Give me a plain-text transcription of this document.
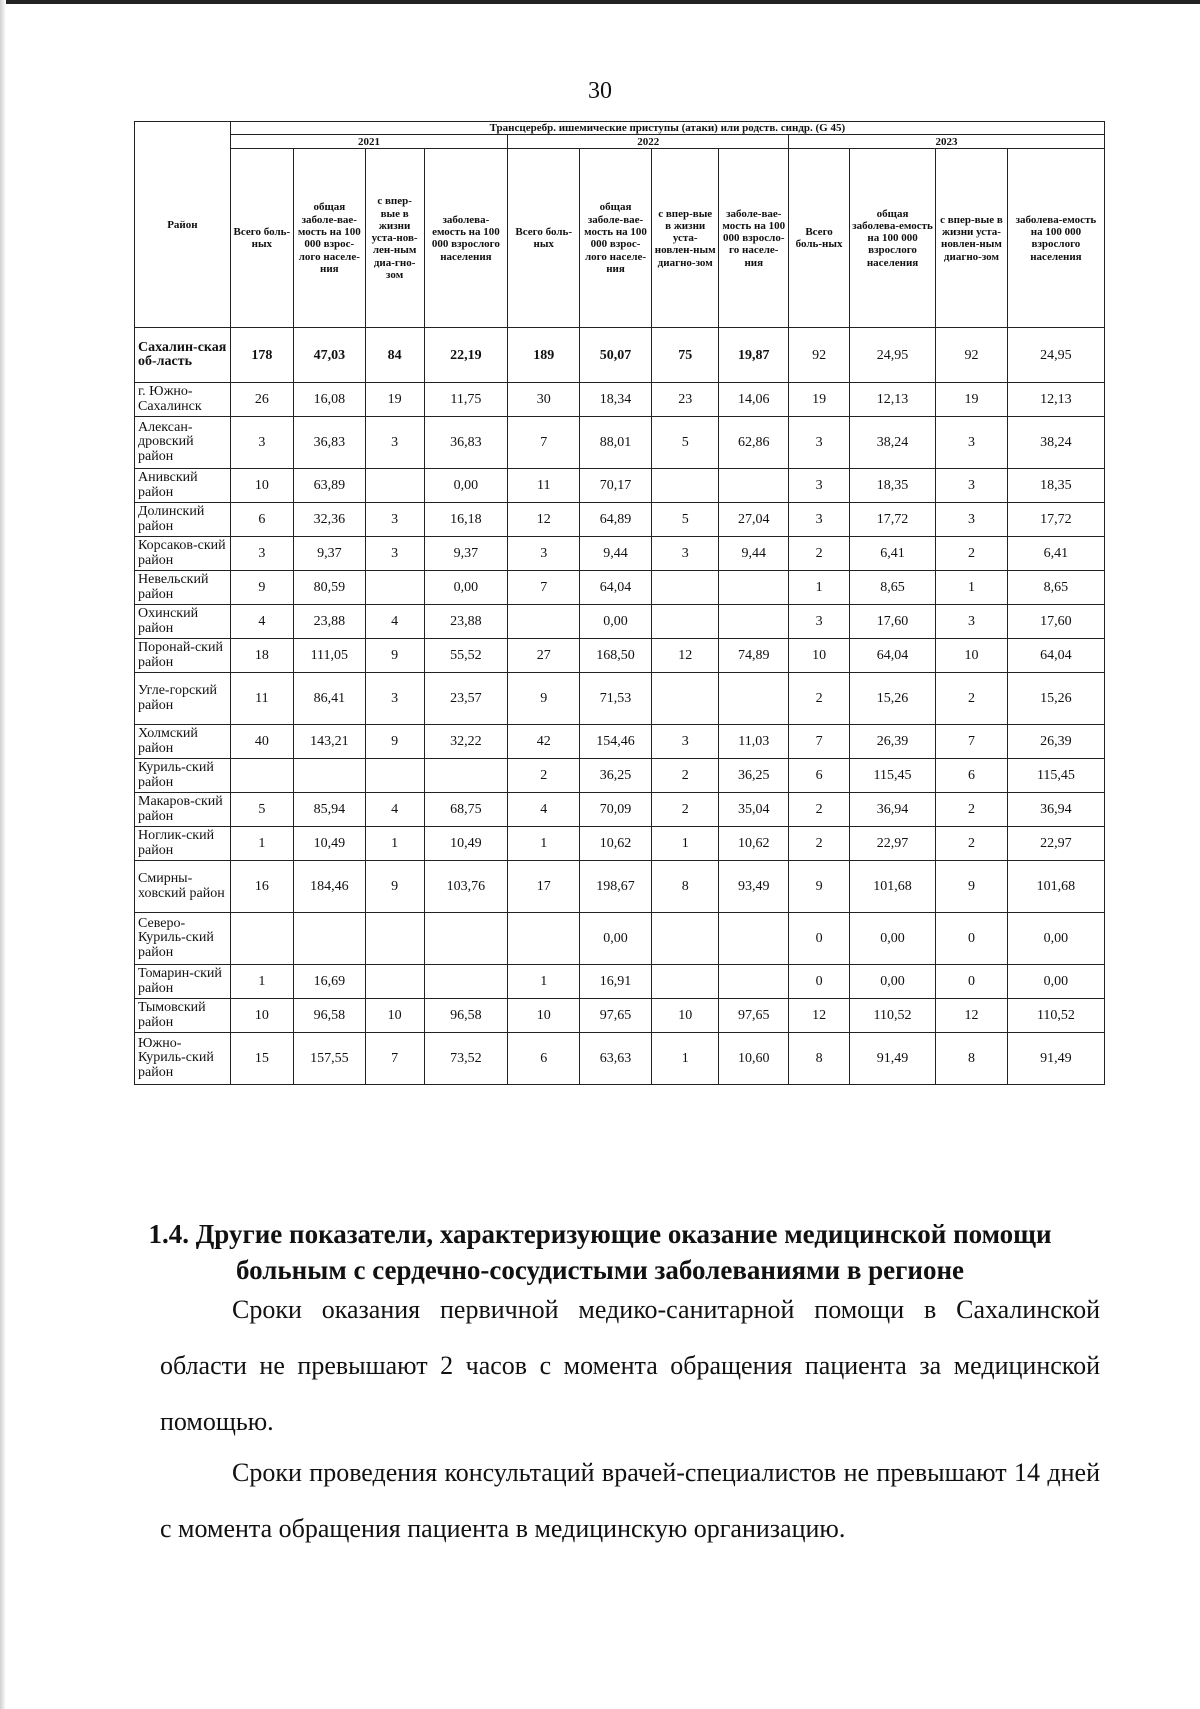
30
Район	Трансцеребр. ишемические приступы (атаки) или родств. синдр. (G 45)											
	2021				2022				2023			
	Всего боль-ных	общая заболе-вае-мость на 100 000 взрос-лого населе-ния	с впер-вые в жизни уста-нов-лен-ным диа-гно-зом	заболева-емость на 100 000 взрослого населения	Всего боль-ных	общая заболе-вае-мость на 100 000 взрос-лого населе-ния	с впер-вые в жизни уста-новлен-ным диагно-зом	заболе-вае-мость на 100 000 взросло-го населе-ния	Всего боль-ных	общая заболева-емость на 100 000 взрослого населения	с впер-вые в жизни уста-новлен-ным диагно-зом	заболева-емость на 100 000 взрослого населения
Сахалин-ская об-ласть	178	47,03	84	22,19	189	50,07	75	19,87	92	24,95	92	24,95
г. Южно-Сахалинск	26	16,08	19	11,75	30	18,34	23	14,06	19	12,13	19	12,13
Алексан-дровский район	3	36,83	3	36,83	7	88,01	5	62,86	3	38,24	3	38,24
Анивский район	10	63,89		0,00	11	70,17			3	18,35	3	18,35
Долинский район	6	32,36	3	16,18	12	64,89	5	27,04	3	17,72	3	17,72
Корсаков-ский район	3	9,37	3	9,37	3	9,44	3	9,44	2	6,41	2	6,41
Невельский район	9	80,59		0,00	7	64,04			1	8,65	1	8,65
Охинский район	4	23,88	4	23,88		0,00			3	17,60	3	17,60
Поронай-ский район	18	111,05	9	55,52	27	168,50	12	74,89	10	64,04	10	64,04
Угле-горский район	11	86,41	3	23,57	9	71,53			2	15,26	2	15,26
Холмский район	40	143,21	9	32,22	42	154,46	3	11,03	7	26,39	7	26,39
Куриль-ский район					2	36,25	2	36,25	6	115,45	6	115,45
Макаров-ский район	5	85,94	4	68,75	4	70,09	2	35,04	2	36,94	2	36,94
Ноглик-ский район	1	10,49	1	10,49	1	10,62	1	10,62	2	22,97	2	22,97
Смирны-ховский район	16	184,46	9	103,76	17	198,67	8	93,49	9	101,68	9	101,68
Северо-Куриль-ский район						0,00			0	0,00	0	0,00
Томарин-ский район	1	16,69			1	16,91			0	0,00	0	0,00
Тымовский район	10	96,58	10	96,58	10	97,65	10	97,65	12	110,52	12	110,52
Южно-Куриль-ский район	15	157,55	7	73,52	6	63,63	1	10,60	8	91,49	8	91,49
1.4. Другие показатели, характеризующие оказание медицинской помощи больным с сердечно-сосудистыми заболеваниями в регионе
Сроки оказания первичной медико-санитарной помощи в Сахалинской области не превышают 2 часов с момента обращения пациента за медицинской помощью.
Сроки проведения консультаций врачей-специалистов не превышают 14 дней с момента обращения пациента в медицинскую организацию.
